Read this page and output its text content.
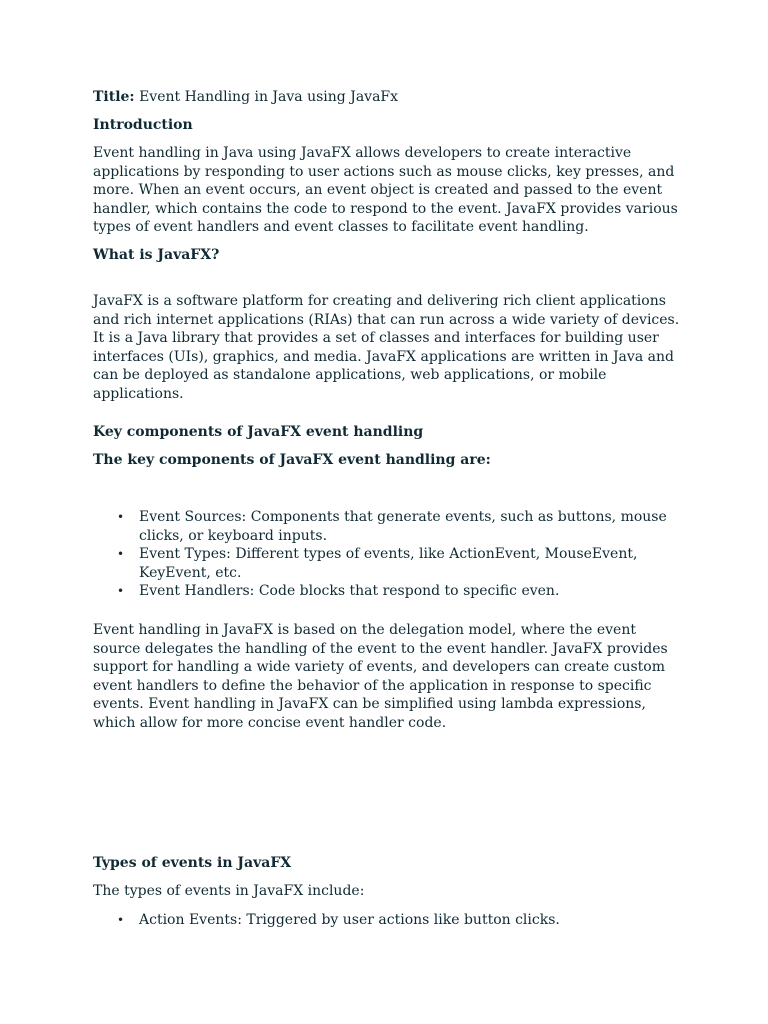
Title: Event Handling in Java using JavaFx

Introduction

Event handling in Java using JavaFX allows developers to create interactive applications by responding to user actions such as mouse clicks, key presses, and more. When an event occurs, an event object is created and passed to the event handler, which contains the code to respond to the event. JavaFX provides various types of event handlers and event classes to facilitate event handling.

What is JavaFX?

JavaFX is a software platform for creating and delivering rich client applications and rich internet applications (RIAs) that can run across a wide variety of devices. It is a Java library that provides a set of classes and interfaces for building user interfaces (UIs), graphics, and media. JavaFX applications are written in Java and can be deployed as standalone applications, web applications, or mobile applications.

Key components of JavaFX event handling

The key components of JavaFX event handling are:

• Event Sources: Components that generate events, such as buttons, mouse clicks, or keyboard inputs.
• Event Types: Different types of events, like ActionEvent, MouseEvent, KeyEvent, etc.
• Event Handlers: Code blocks that respond to specific even.

Event handling in JavaFX is based on the delegation model, where the event source delegates the handling of the event to the event handler. JavaFX provides support for handling a wide variety of events, and developers can create custom event handlers to define the behavior of the application in response to specific events. Event handling in JavaFX can be simplified using lambda expressions, which allow for more concise event handler code.

Types of events in JavaFX

The types of events in JavaFX include:

• Action Events: Triggered by user actions like button clicks.
